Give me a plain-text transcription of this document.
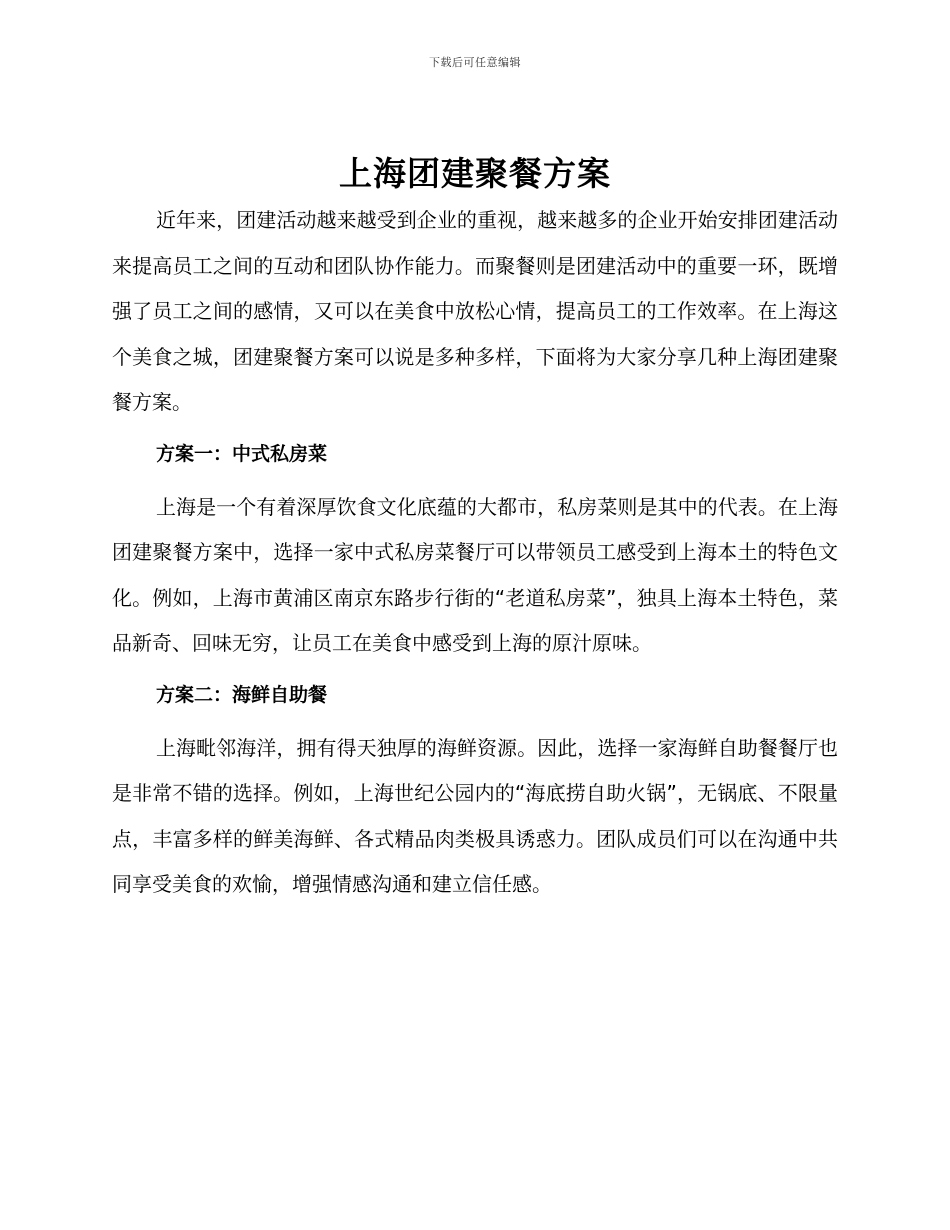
下载后可任意编辑
上海团建聚餐方案

近年来，团建活动越来越受到企业的重视，越来越多的企业开始安排团建活动来提高员工之间的互动和团队协作能力。而聚餐则是团建活动中的重要一环，既增强了员工之间的感情，又可以在美食中放松心情，提高员工的工作效率。在上海这个美食之城，团建聚餐方案可以说是多种多样，下面将为大家分享几种上海团建聚餐方案。

方案一：中式私房菜

上海是一个有着深厚饮食文化底蕴的大都市，私房菜则是其中的代表。在上海团建聚餐方案中，选择一家中式私房菜餐厅可以带领员工感受到上海本土的特色文化。例如，上海市黄浦区南京东路步行街的“老道私房菜”，独具上海本土特色，菜品新奇、回味无穷，让员工在美食中感受到上海的原汁原味。

方案二：海鲜自助餐

上海毗邻海洋，拥有得天独厚的海鲜资源。因此，选择一家海鲜自助餐餐厅也是非常不错的选择。例如，上海世纪公园内的“海底捞自助火锅”，无锅底、不限量点，丰富多样的鲜美海鲜、各式精品肉类极具诱惑力。团队成员们可以在沟通中共同享受美食的欢愉，增强情感沟通和建立信任感。
